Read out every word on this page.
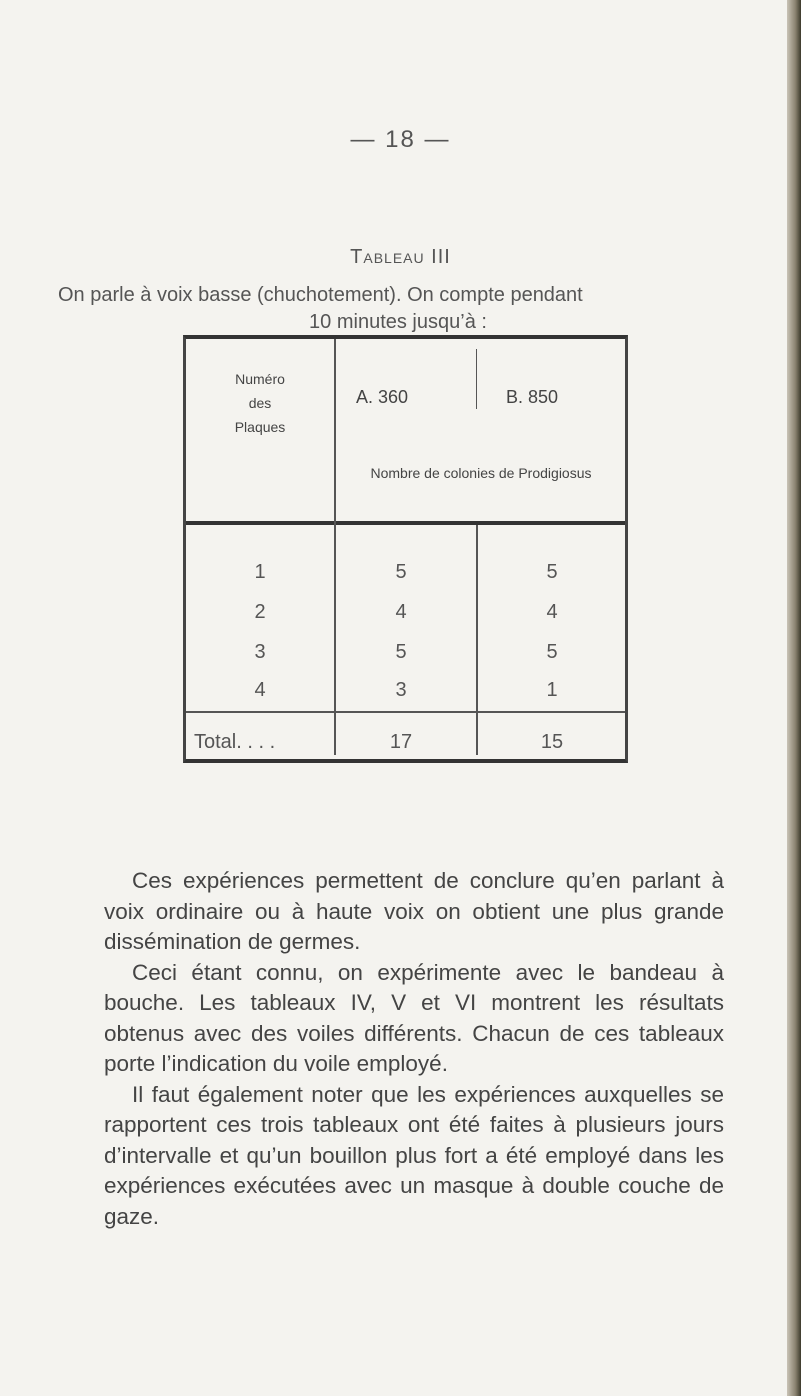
— 18 —
Tableau III
On parle à voix basse (chuchotement). On compte pendant
10 minutes jusqu’à :
Numéro
des
Plaques
A. 360	B. 850
Nombre de colonies de Prodigiosus
1	5	5
2	4	4
3	5	5
4	3	1
Total. . . .	17	15

Ces expériences permettent de conclure qu’en parlant à voix ordinaire ou à haute voix on obtient une plus grande dissémination de germes.

Ceci étant connu, on expérimente avec le bandeau à bouche. Les tableaux IV, V et VI montrent les résultats obtenus avec des voiles différents. Chacun de ces tableaux porte l’indication du voile employé.

Il faut également noter que les expériences auxquelles se rapportent ces trois tableaux ont été faites à plusieurs jours d’intervalle et qu’un bouillon plus fort a été employé dans les expériences exécutées avec un masque à double couche de gaze.
